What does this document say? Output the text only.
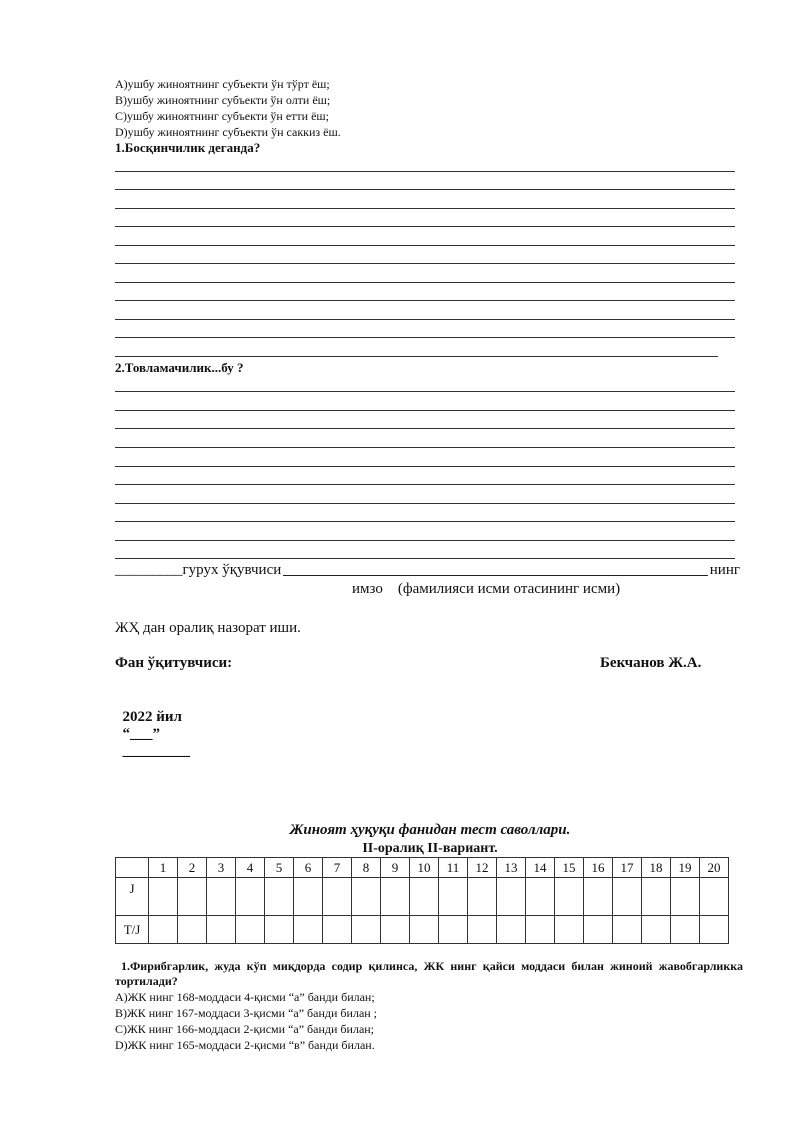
А)ушбу жиноятнинг субъекти ўн тўрт ёш;
В)ушбу жиноятнинг субъекти ўн олти ёш;
С)ушбу жиноятнинг субъекти ўн етти ёш;
D)ушбу жиноятнинг субъекти ўн саккиз ёш.
1.Босқинчилик деганда?
2.Товламачилик...бу ?
_________ гурух ўқувчиси	нинг
имзо    (фамилияси исми отасининг исми)
ЖҲ дан оралиқ назорат иши.
Фан ўқитувчиси:	Бекчанов Ж.А.

2022 йил
“___”
_________

Жиноят ҳуқуқи фанидан тест саволлари.
II-оралиқ II-вариант.
	1	2	3	4	5	6	7	8	9	10	11	12	13	14	15	16	17	18	19	20
J																				
T/J																				
1.Фирибгарлик, жуда кўп миқдорда содир қилинса, ЖК нинг қайси моддаси билан жиноий жавобгарликка тортилади?
А)ЖК нинг 168-моддаси 4-қисми “а” банди билан;
В)ЖК нинг 167-моддаси 3-қисми “а” банди билан ;
С)ЖК нинг 166-моддаси 2-қисми “а” банди билан;
D)ЖК нинг 165-моддаси 2-қисми “в” банди билан.
